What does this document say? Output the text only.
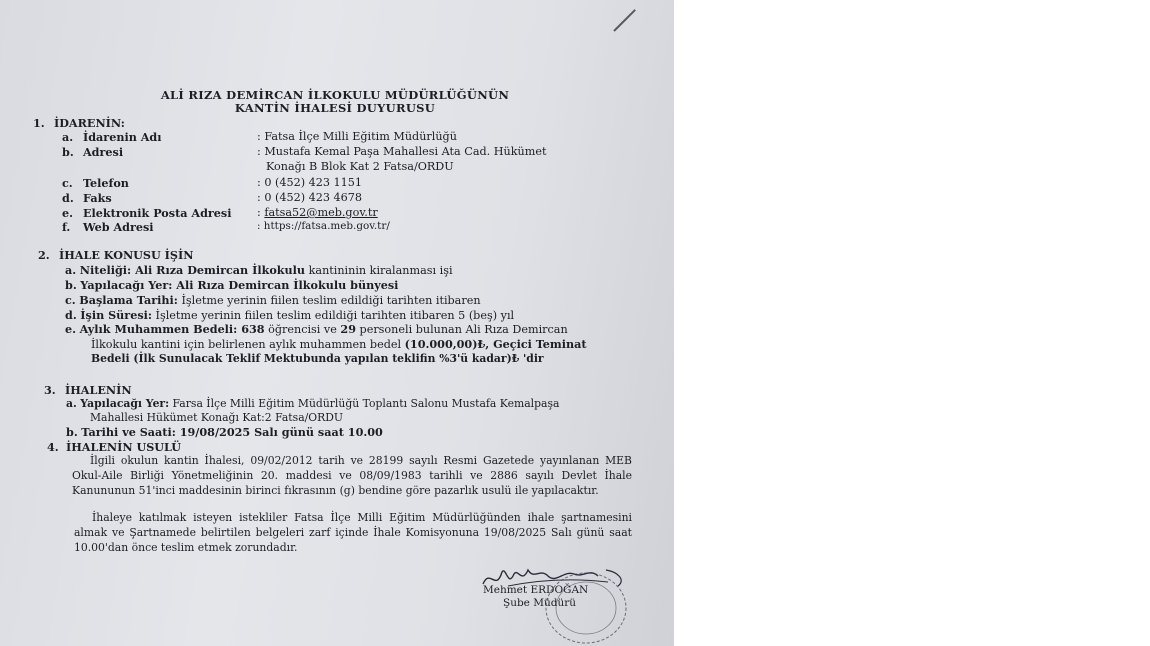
ALİ RIZA DEMİRCAN İLKOKULU MÜDÜRLÜĞÜNÜN
KANTİN İHALESİ DUYURUSU
1. İDARENİN:
a. İdarenin Adı	: Fatsa İlçe Milli Eğitim Müdürlüğü
b. Adresi	: Mustafa Kemal Paşa Mahallesi Ata Cad. Hükümet
Konağı B Blok Kat 2 Fatsa/ORDU
c. Telefon	: 0 (452) 423 1151
d. Faks	: 0 (452) 423 4678
e. Elektronik Posta Adresi : fatsa52@meb.gov.tr
f. Web Adresi	: https://fatsa.meb.gov.tr/
2. İHALE KONUSU İŞİN
a. Niteliği: Ali Rıza Demircan İlkokulu kantininin kiralanması işi
b. Yapılacağı Yer: Ali Rıza Demircan İlkokulu bünyesi
c. Başlama Tarihi: İşletme yerinin fiilen teslim edildiği tarihten itibaren
d. İşin Süresi: İşletme yerinin fiilen teslim edildiği tarihten itibaren 5 (beş) yıl
e. Aylık Muhammen Bedeli: 638 öğrencisi ve 29 personeli bulunan Ali Rıza Demircan
İlkokulu kantini için belirlenen aylık muhammen bedel (10.000,00)₺, Geçici Teminat
Bedeli (İlk Sunulacak Teklif Mektubunda yapılan teklifin %3'ü kadar)₺ 'dir
3. İHALENİN
a. Yapılacağı Yer: Farsa İlçe Milli Eğitim Müdürlüğü Toplantı Salonu Mustafa Kemalpaşa
Mahallesi Hükümet Konağı Kat:2 Fatsa/ORDU
b. Tarihi ve Saati: 19/08/2025 Salı günü saat 10.00
4. İHALENİN USULÜ
İlgili okulun kantin İhalesi, 09/02/2012 tarih ve 28199 sayılı Resmi Gazetede yayınlanan MEB Okul-Aile Birliği Yönetmeliğinin 20. maddesi ve 08/09/1983 tarihli ve 2886 sayılı Devlet İhale Kanununun 51'inci maddesinin birinci fıkrasının (g) bendine göre pazarlık usulü ile yapılacaktır.
İhaleye katılmak isteyen istekliler Fatsa İlçe Milli Eğitim Müdürlüğünden ihale şartnamesini almak ve Şartnamede belirtilen belgeleri zarf içinde İhale Komisyonuna 19/08/2025 Salı günü saat 10.00'dan önce teslim etmek zorundadır.
Mehmet ERDOĞAN
Şube Müdürü
